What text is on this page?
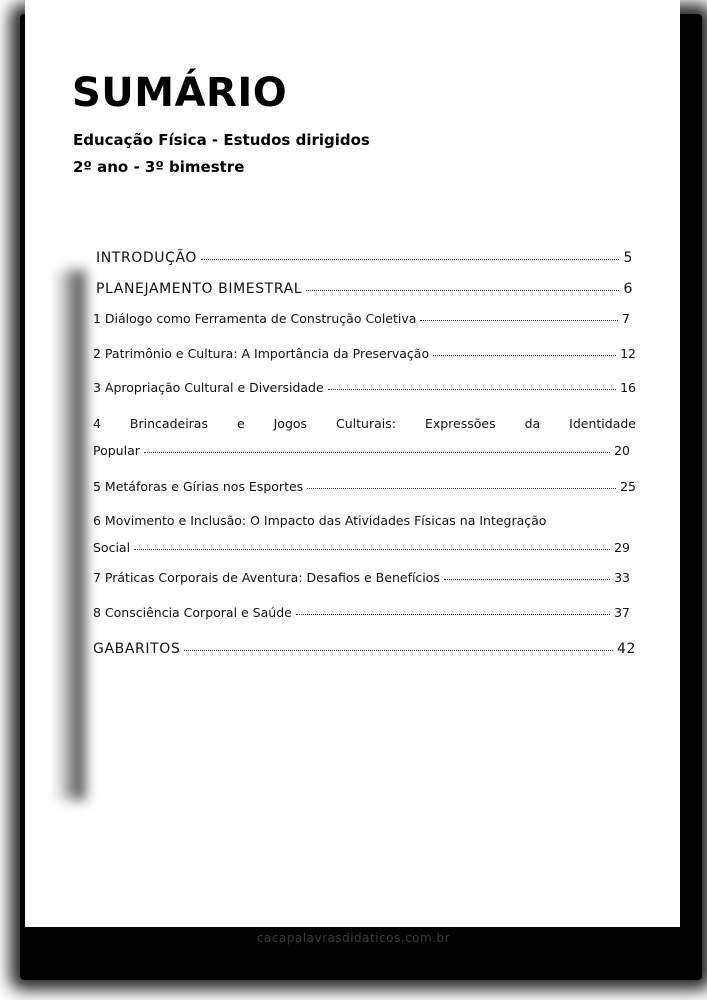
SUMÁRIO
Educação Física - Estudos dirigidos
2º ano - 3º bimestre
INTRODUÇÃO	5
PLANEJAMENTO BIMESTRAL	6
1 Diálogo como Ferramenta de Construção Coletiva	7
2 Patrimônio e Cultura: A Importância da Preservação	12
3 Apropriação Cultural e Diversidade	16
4 Brincadeiras e Jogos Culturais: Expressões da Identidade
Popular	20
5 Metáforas e Gírias nos Esportes	25
6 Movimento e Inclusão: O Impacto das Atividades Físicas na Integração
Social	29
7 Práticas Corporais de Aventura: Desafios e Benefícios	33
8 Consciência Corporal e Saúde	37
GABARITOS	42
cacapalavrasdidaticos.com.br
